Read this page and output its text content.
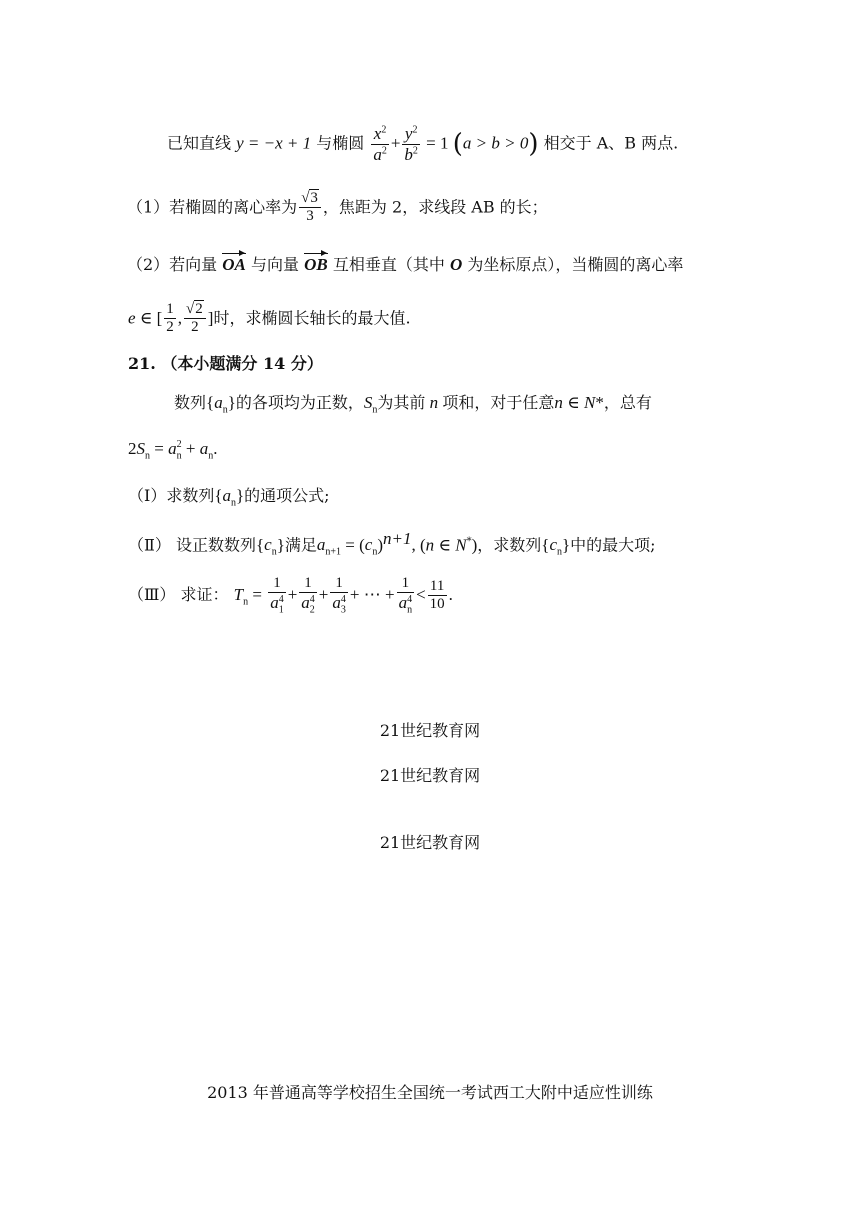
已知直线 y = −x + 1 与椭圆 $\frac{x^2}{a^2} + \frac{y^2}{b^2} = 1$ (a > b > 0) 相交于 A、B 两点.
（1）若椭圆的离心率为 $\frac{√3}{3}$ ，焦距为 2，求线段 AB 的长；
（2）若向量 OA 与向量 OB 互相垂直（其中 O 为坐标原点），当椭圆的离心率
e ∈ [ $\frac{1}{2}$ , $\frac{√2}{2}$ ]时，求椭圆长轴长的最大值.
21. （本小题满分 14 分）
数列$\{a_n\}$的各项均为正数，$S_n$为其前 n 项和，对于任意n ∈ N*，总有
$2S_n = a_n^2 + a_n$.
（Ⅰ）求数列$\{a_n\}$的通项公式;
（Ⅱ） 设正数数列$\{c_n\}$满足$a_{n+1} = (c_n)^{n+1}$, (n ∈ N*)，求数列$\{c_n\}$中的最大项;
（Ⅲ） 求证： $T_n = \frac{1}{a_1^4} + \frac{1}{a_2^4} + \frac{1}{a_3^4}$ + ⋯ + $\frac{1}{a_n^4} < \frac{11}{10}$ .
21世纪教育网
21世纪教育网
21世纪教育网
2013 年普通高等学校招生全国统一考试西工大附中适应性训练
